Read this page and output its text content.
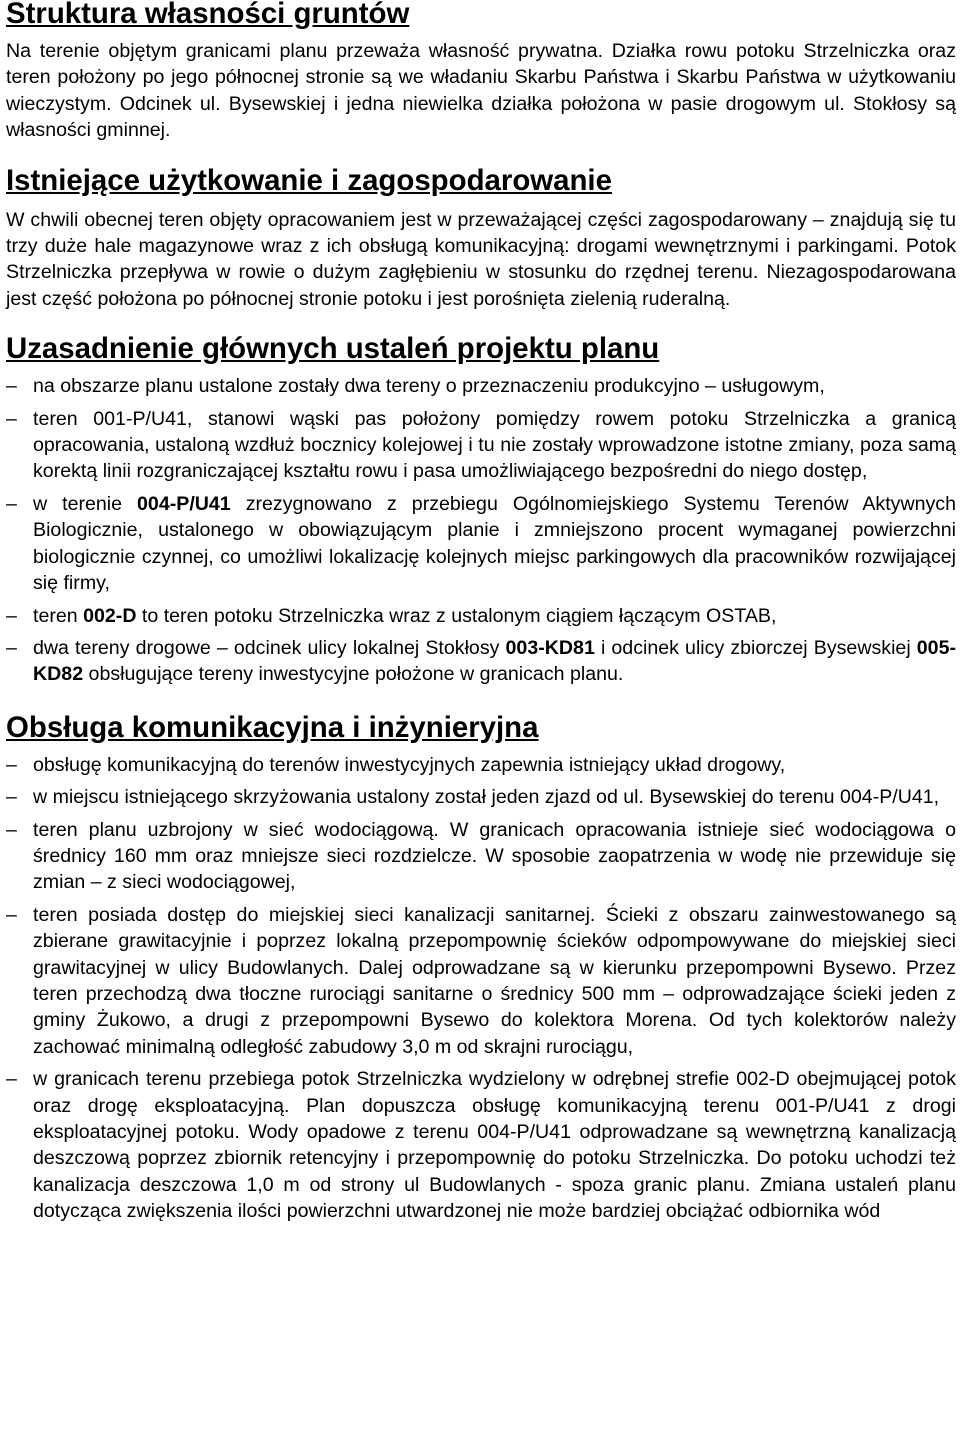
Struktura własności gruntów

Na terenie objętym granicami planu przeważa własność prywatna. Działka rowu potoku Strzelniczka oraz teren położony po jego północnej stronie są we władaniu Skarbu Państwa i Skarbu Państwa w użytkowaniu wieczystym. Odcinek ul. Bysewskiej i jedna niewielka działka położona w pasie drogowym ul. Stokłosy są własności gminnej.

Istniejące użytkowanie i zagospodarowanie

W chwili obecnej teren objęty opracowaniem jest w przeważającej części zagospodarowany – znajdują się tu trzy duże hale magazynowe wraz z ich obsługą komunikacyjną: drogami wewnętrznymi i parkingami. Potok Strzelniczka przepływa w rowie o dużym zagłębieniu w stosunku do rzędnej terenu. Niezagospodarowana jest część położona po północnej stronie potoku i jest porośnięta zielenią ruderalną.

Uzasadnienie głównych ustaleń projektu planu
– na obszarze planu ustalone zostały dwa tereny o przeznaczeniu produkcyjno – usługowym,
– teren 001-P/U41, stanowi wąski pas położony pomiędzy rowem potoku Strzelniczka a granicą opracowania, ustaloną wzdłuż bocznicy kolejowej i tu nie zostały wprowadzone istotne zmiany, poza samą korektą linii rozgraniczającej kształtu rowu i pasa umożliwiającego bezpośredni do niego dostęp,
– w terenie 004-P/U41 zrezygnowano z przebiegu Ogólnomiejskiego Systemu Terenów Aktywnych Biologicznie, ustalonego w obowiązującym planie i zmniejszono procent wymaganej powierzchni biologicznie czynnej, co umożliwi lokalizację kolejnych miejsc parkingowych dla pracowników rozwijającej się firmy,
– teren 002-D to teren potoku Strzelniczka wraz z ustalonym ciągiem łączącym OSTAB,
– dwa tereny drogowe – odcinek ulicy lokalnej Stokłosy 003-KD81 i odcinek ulicy zbiorczej Bysewskiej 005-KD82 obsługujące tereny inwestycyjne położone w granicach planu.
Obsługa komunikacyjna i inżynieryjna
– obsługę komunikacyjną do terenów inwestycyjnych zapewnia istniejący układ drogowy,
– w miejscu istniejącego skrzyżowania ustalony został jeden zjazd od ul. Bysewskiej do terenu 004-P/U41,
– teren planu uzbrojony w sieć wodociągową. W granicach opracowania istnieje sieć wodociągowa o średnicy 160 mm oraz mniejsze sieci rozdzielcze. W sposobie zaopatrzenia w wodę nie przewiduje się zmian – z sieci wodociągowej,
– teren posiada dostęp do miejskiej sieci kanalizacji sanitarnej. Ścieki z obszaru zainwestowanego są zbierane grawitacyjnie i poprzez lokalną przepompownię ścieków odpompowywane do miejskiej sieci grawitacyjnej w ulicy Budowlanych. Dalej odprowadzane są w kierunku przepompowni Bysewo. Przez teren przechodzą dwa tłoczne rurociągi sanitarne o średnicy 500 mm – odprowadzające ścieki jeden z gminy Żukowo, a drugi z przepompowni Bysewo do kolektora Morena. Od tych kolektorów należy zachować minimalną odległość zabudowy 3,0 m od skrajni rurociągu,
– w granicach terenu przebiega potok Strzelniczka wydzielony w odrębnej strefie 002-D obejmującej potok oraz drogę eksploatacyjną. Plan dopuszcza obsługę komunikacyjną terenu 001-P/U41 z drogi eksploatacyjnej potoku. Wody opadowe z terenu 004-P/U41 odprowadzane są wewnętrzną kanalizacją deszczową poprzez zbiornik retencyjny i przepompownię do potoku Strzelniczka. Do potoku uchodzi też kanalizacja deszczowa 1,0 m od strony ul Budowlanych - spoza granic planu. Zmiana ustaleń planu dotycząca zwiększenia ilości powierzchni utwardzonej nie może bardziej obciążać odbiornika wód
